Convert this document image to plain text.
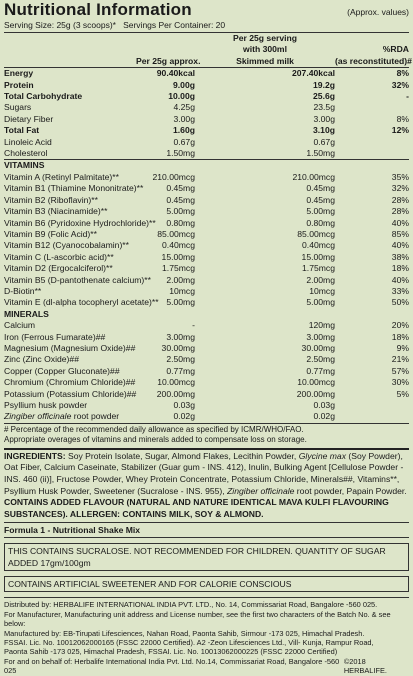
Nutritional Information	(Approx. values)
Serving Size: 25g (3 scoops)* Servings Per Container: 20
		Per 25g serving	
		with 300ml	%RDA
	Per 25g approx.	Skimmed milk	(as reconstituted)#
Energy	90.40kcal	207.40kcal	8%
Protein	9.00g	19.2g	32%
Total Carbohydrate	10.00g	25.6g	-
Sugars	4.25g	23.5g	
Dietary Fiber	3.00g	3.00g	8%
Total Fat	1.60g	3.10g	12%
Linoleic Acid	0.67g	0.67g	
Cholesterol	1.50mg	1.50mg	
VITAMINS			
Vitamin A (Retinyl Palmitate)**	210.00mcg	210.00mcg	35%
Vitamin B1 (Thiamine Mononitrate)**	0.45mg	0.45mg	32%
Vitamin B2 (Riboflavin)**	0.45mg	0.45mg	28%
Vitamin B3 (Niacinamide)**	5.00mg	5.00mg	28%
Vitamin B6 (Pyridoxine Hydrochloride)**	0.80mg	0.80mg	40%
Vitamin B9 (Folic Acid)**	85.00mcg	85.00mcg	85%
Vitamin B12 (Cyanocobalamin)**	0.40mcg	0.40mcg	40%
Vitamin C (L-ascorbic acid)**	15.00mg	15.00mg	38%
Vitamin D2 (Ergocalciferol)**	1.75mcg	1.75mcg	18%
Vitamin B5 (D-pantothenate calcium)**	2.00mg	2.00mg	40%
D-Biotin**	10mcg	10mcg	33%
Vitamin E (dl-alpha tocopheryl acetate)**	5.00mg	5.00mg	50%
MINERALS			
Calcium	-	120mg	20%
Iron (Ferrous Fumarate)##	3.00mg	3.00mg	18%
Magnesium (Magnesium Oxide)##	30.00mg	30.00mg	9%
Zinc (Zinc Oxide)##	2.50mg	2.50mg	21%
Copper (Copper Gluconate)##	0.77mg	0.77mg	57%
Chromium (Chromium Chloride)##	10.00mcg	10.00mcg	30%
Potassium (Potassium Chloride)##	200.00mg	200.00mg	5%
Psyllium husk powder	0.03g	0.03g	
Zingiber officinale root powder	0.02g	0.02g	
# Percentage of the recommended daily allowance as specified by ICMR/WHO/FAO.
Appropriate overages of vitamins and minerals added to compensate loss on storage.
INGREDIENTS: Soy Protein Isolate, Sugar, Almond Flakes, Lecithin Powder, Glycine max (Soy Powder), Oat Fiber, Calcium Caseinate, Stabilizer (Guar gum - INS. 412), Inulin, Bulking Agent [Cellulose Powder - INS. 460 (ii)], Fructose Powder, Whey Protein Concentrate, Potassium Chloride, Minerals##, Vitamins**, Psyllium Husk Powder, Sweetener (Sucralose - INS. 955), Zingiber officinale root powder, Papain Powder. CONTAINS ADDED FLAVOUR (NATURAL AND NATURE IDENTICAL MAVA KULFI FLAVOURING SUBSTANCES). ALLERGEN: CONTAINS MILK, SOY & ALMOND.
Formula 1 - Nutritional Shake Mix
THIS CONTAINS SUCRALOSE. NOT RECOMMENDED FOR CHILDREN. QUANTITY OF SUGAR ADDED 17gm/100gm
CONTAINS ARTIFICIAL SWEETENER AND FOR CALORIE CONSCIOUS
Distributed by: HERBALIFE INTERNATIONAL INDIA PVT. LTD., No. 14, Commissariat Road, Bangalore -560 025.
For Manufacturer, Manufacturing unit address and License number, see the first two characters of the Batch No. & see below:
Manufactured by: EB-Tirupati Lifesciences, Nahan Road, Paonta Sahib, Sirmour -173 025, Himachal Pradesh.
FSSAI. Lic. No. 10012062000165 (FSSC 22000 Certified). A2 -Zeon Lifesciences Ltd., Vill- Kunja, Rampur Road,
Paonta Sahib -173 025, Himachal Pradesh, FSSAI. Lic. No. 10013062000225 (FSSC 22000 Certified)
For and on behalf of: Herbalife International India Pvt. Ltd. No.14, Commissariat Road, Bangalore -560 025
©2018 HERBALIFE.
